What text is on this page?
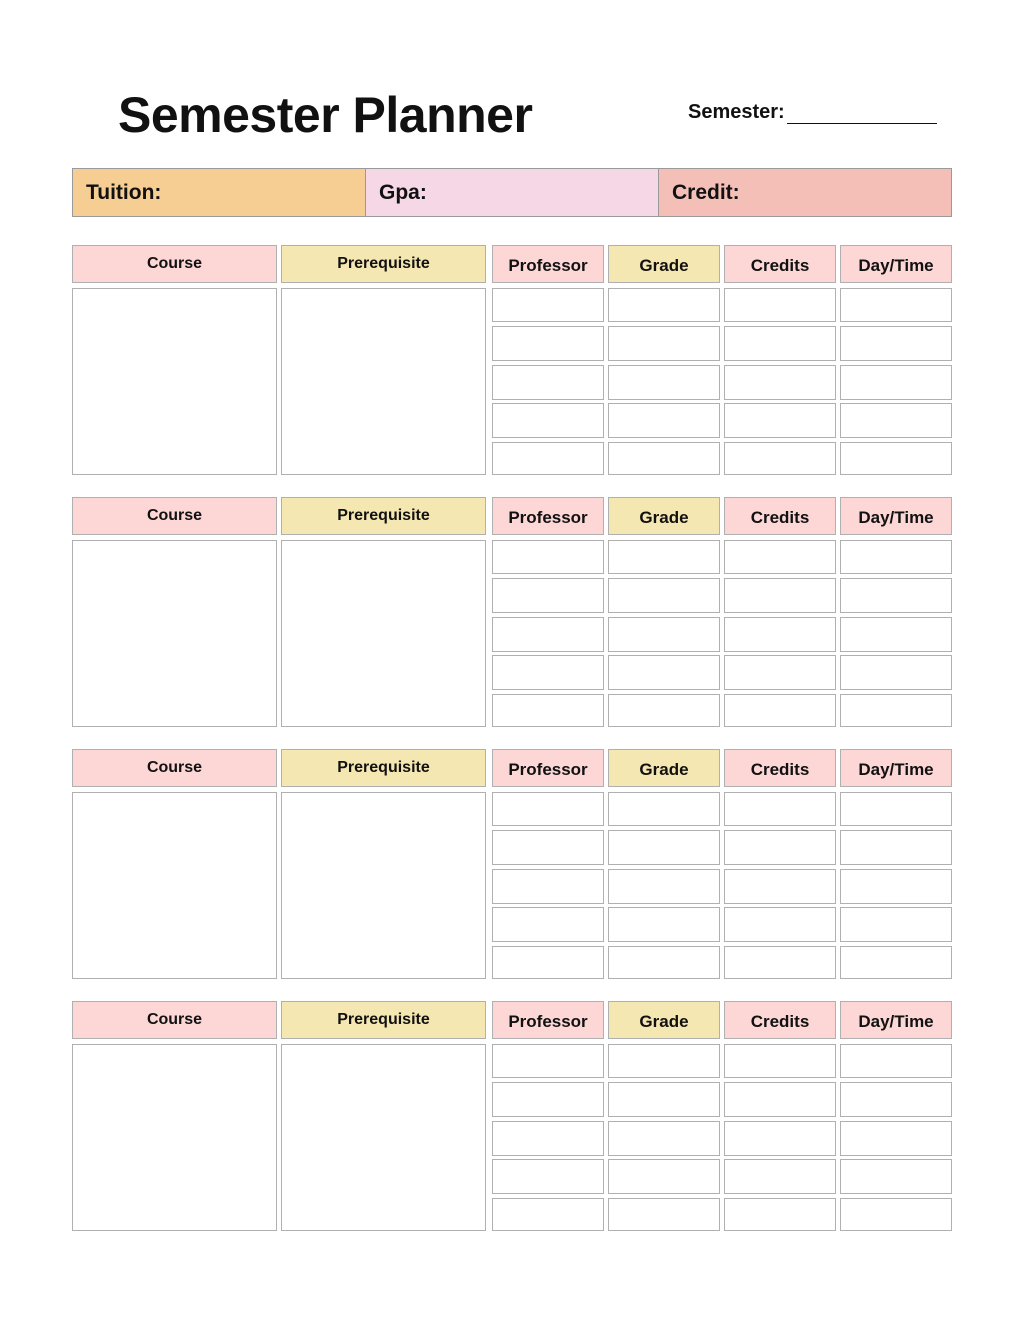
Semester Planner	Semester:
Tuition:	Gpa:	Credit:
Course	Prerequisite	Professor	Grade	Credits	Day/Time
Course	Prerequisite	Professor	Grade	Credits	Day/Time
Course	Prerequisite	Professor	Grade	Credits	Day/Time
Course	Prerequisite	Professor	Grade	Credits	Day/Time
